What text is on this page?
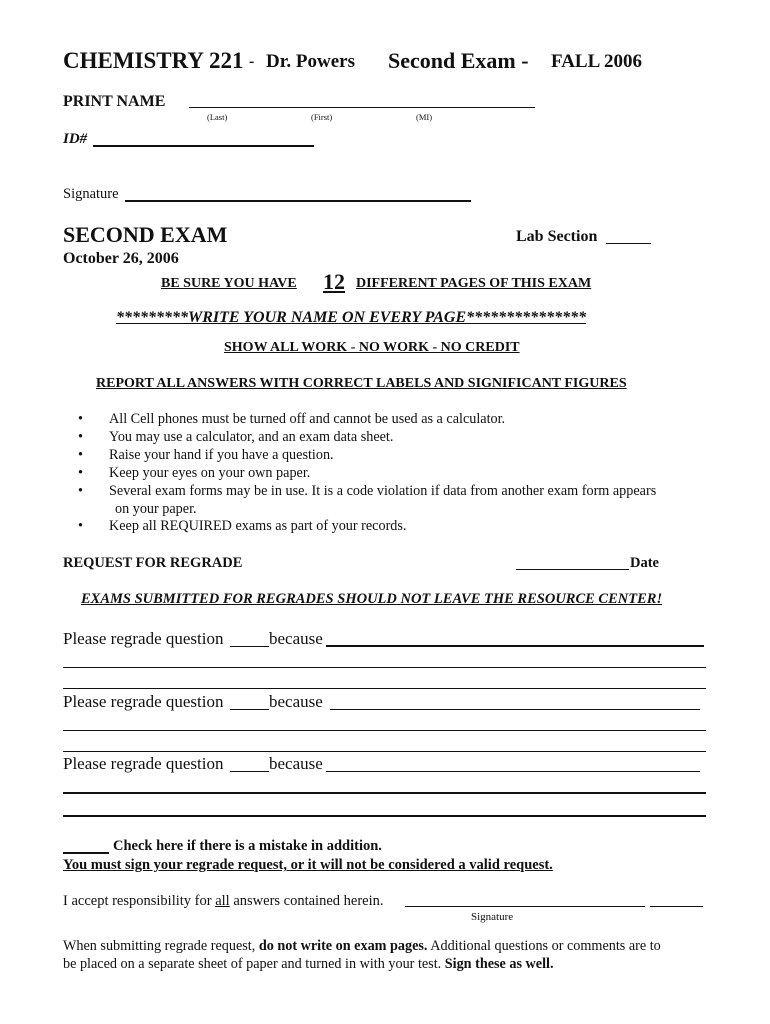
CHEMISTRY 221 - Dr. Powers Second Exam - FALL 2006
PRINT NAME
(Last)	(First)	(MI)
ID#
Signature
SECOND EXAM
October 26, 2006
Lab Section
BE SURE YOU HAVE 12 DIFFERENT PAGES OF THIS EXAM
*********WRITE YOUR NAME ON EVERY PAGE***************
SHOW ALL WORK - NO WORK - NO CREDIT
REPORT ALL ANSWERS WITH CORRECT LABELS AND SIGNIFICANT FIGURES
• All Cell phones must be turned off and cannot be used as a calculator.
• You may use a calculator, and an exam data sheet.
• Raise your hand if you have a question.
• Keep your eyes on your own paper.
• Several exam forms may be in use. It is a code violation if data from another exam form appears
on your paper.
• Keep all REQUIRED exams as part of your records.
REQUEST FOR REGRADE	Date
EXAMS SUBMITTED FOR REGRADES SHOULD NOT LEAVE THE RESOURCE CENTER!
Please regrade question	because
Please regrade question	because
Please regrade question	because
Check here if there is a mistake in addition.
You must sign your regrade request, or it will not be considered a valid request.
I accept responsibility for all answers contained herein.
Signature
When submitting regrade request, do not write on exam pages. Additional questions or comments are to
be placed on a separate sheet of paper and turned in with your test. Sign these as well.
